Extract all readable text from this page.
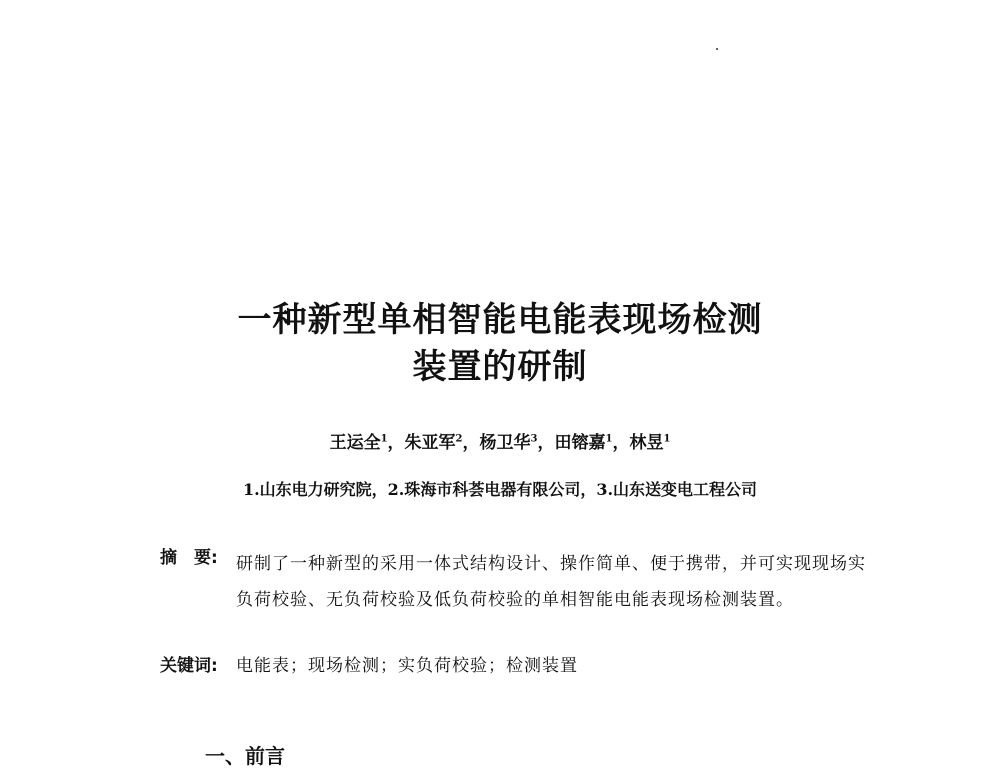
一种新型单相智能电能表现场检测
装置的研制
王运全$^1$，朱亚军$^2$，杨卫华$^3$，田镕嘉$^1$，林昱$^1$
1.山东电力研究院，2.珠海市科荟电器有限公司，3.山东送变电工程公司
摘　要: 研制了一种新型的采用一体式结构设计、操作简单、便于携带，并可实现现场实负荷校验、无负荷校验及低负荷校验的单相智能电能表现场检测装置。
关键词: 电能表；现场检测；实负荷校验；检测装置
一、前言
